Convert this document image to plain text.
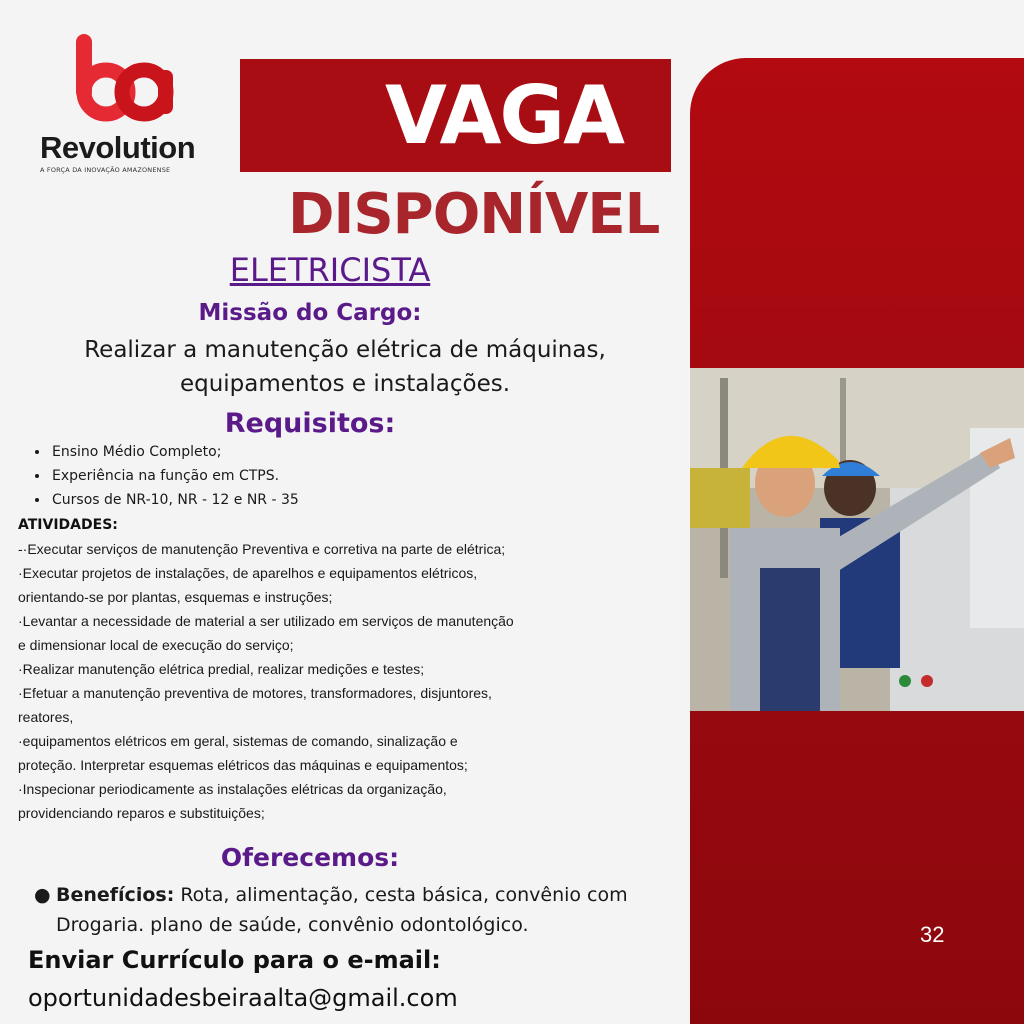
Revolution
A FORÇA DA INOVAÇÃO AMAZONENSE
32
VAGA
DISPONÍVEL
ELETRICISTA
Missão do Cargo:
Realizar a manutenção elétrica de máquinas,
equipamentos e instalações.
Requisitos:
• Ensino Médio Completo;
• Experiência na função em CTPS.
• Cursos de NR-10, NR - 12 e NR - 35
ATIVIDADES:
-·Executar serviços de manutenção Preventiva e corretiva na parte de elétrica;
·Executar projetos de instalações, de aparelhos e equipamentos elétricos,
orientando-se por plantas, esquemas e instruções;
·Levantar a necessidade de material a ser utilizado em serviços de manutenção
e dimensionar local de execução do serviço;
·Realizar manutenção elétrica predial, realizar medições e testes;
·Efetuar a manutenção preventiva de motores, transformadores, disjuntores,
reatores,
·equipamentos elétricos em geral, sistemas de comando, sinalização e
proteção. Interpretar esquemas elétricos das máquinas e equipamentos;
·Inspecionar periodicamente as instalações elétricas da organização,
providenciando reparos e substituições;
Oferecemos:
● Benefícios: Rota, alimentação, cesta básica, convênio com Drogaria. plano de saúde, convênio odontológico.
Enviar Currículo para o e-mail:
oportunidadesbeiraalta@gmail.com
